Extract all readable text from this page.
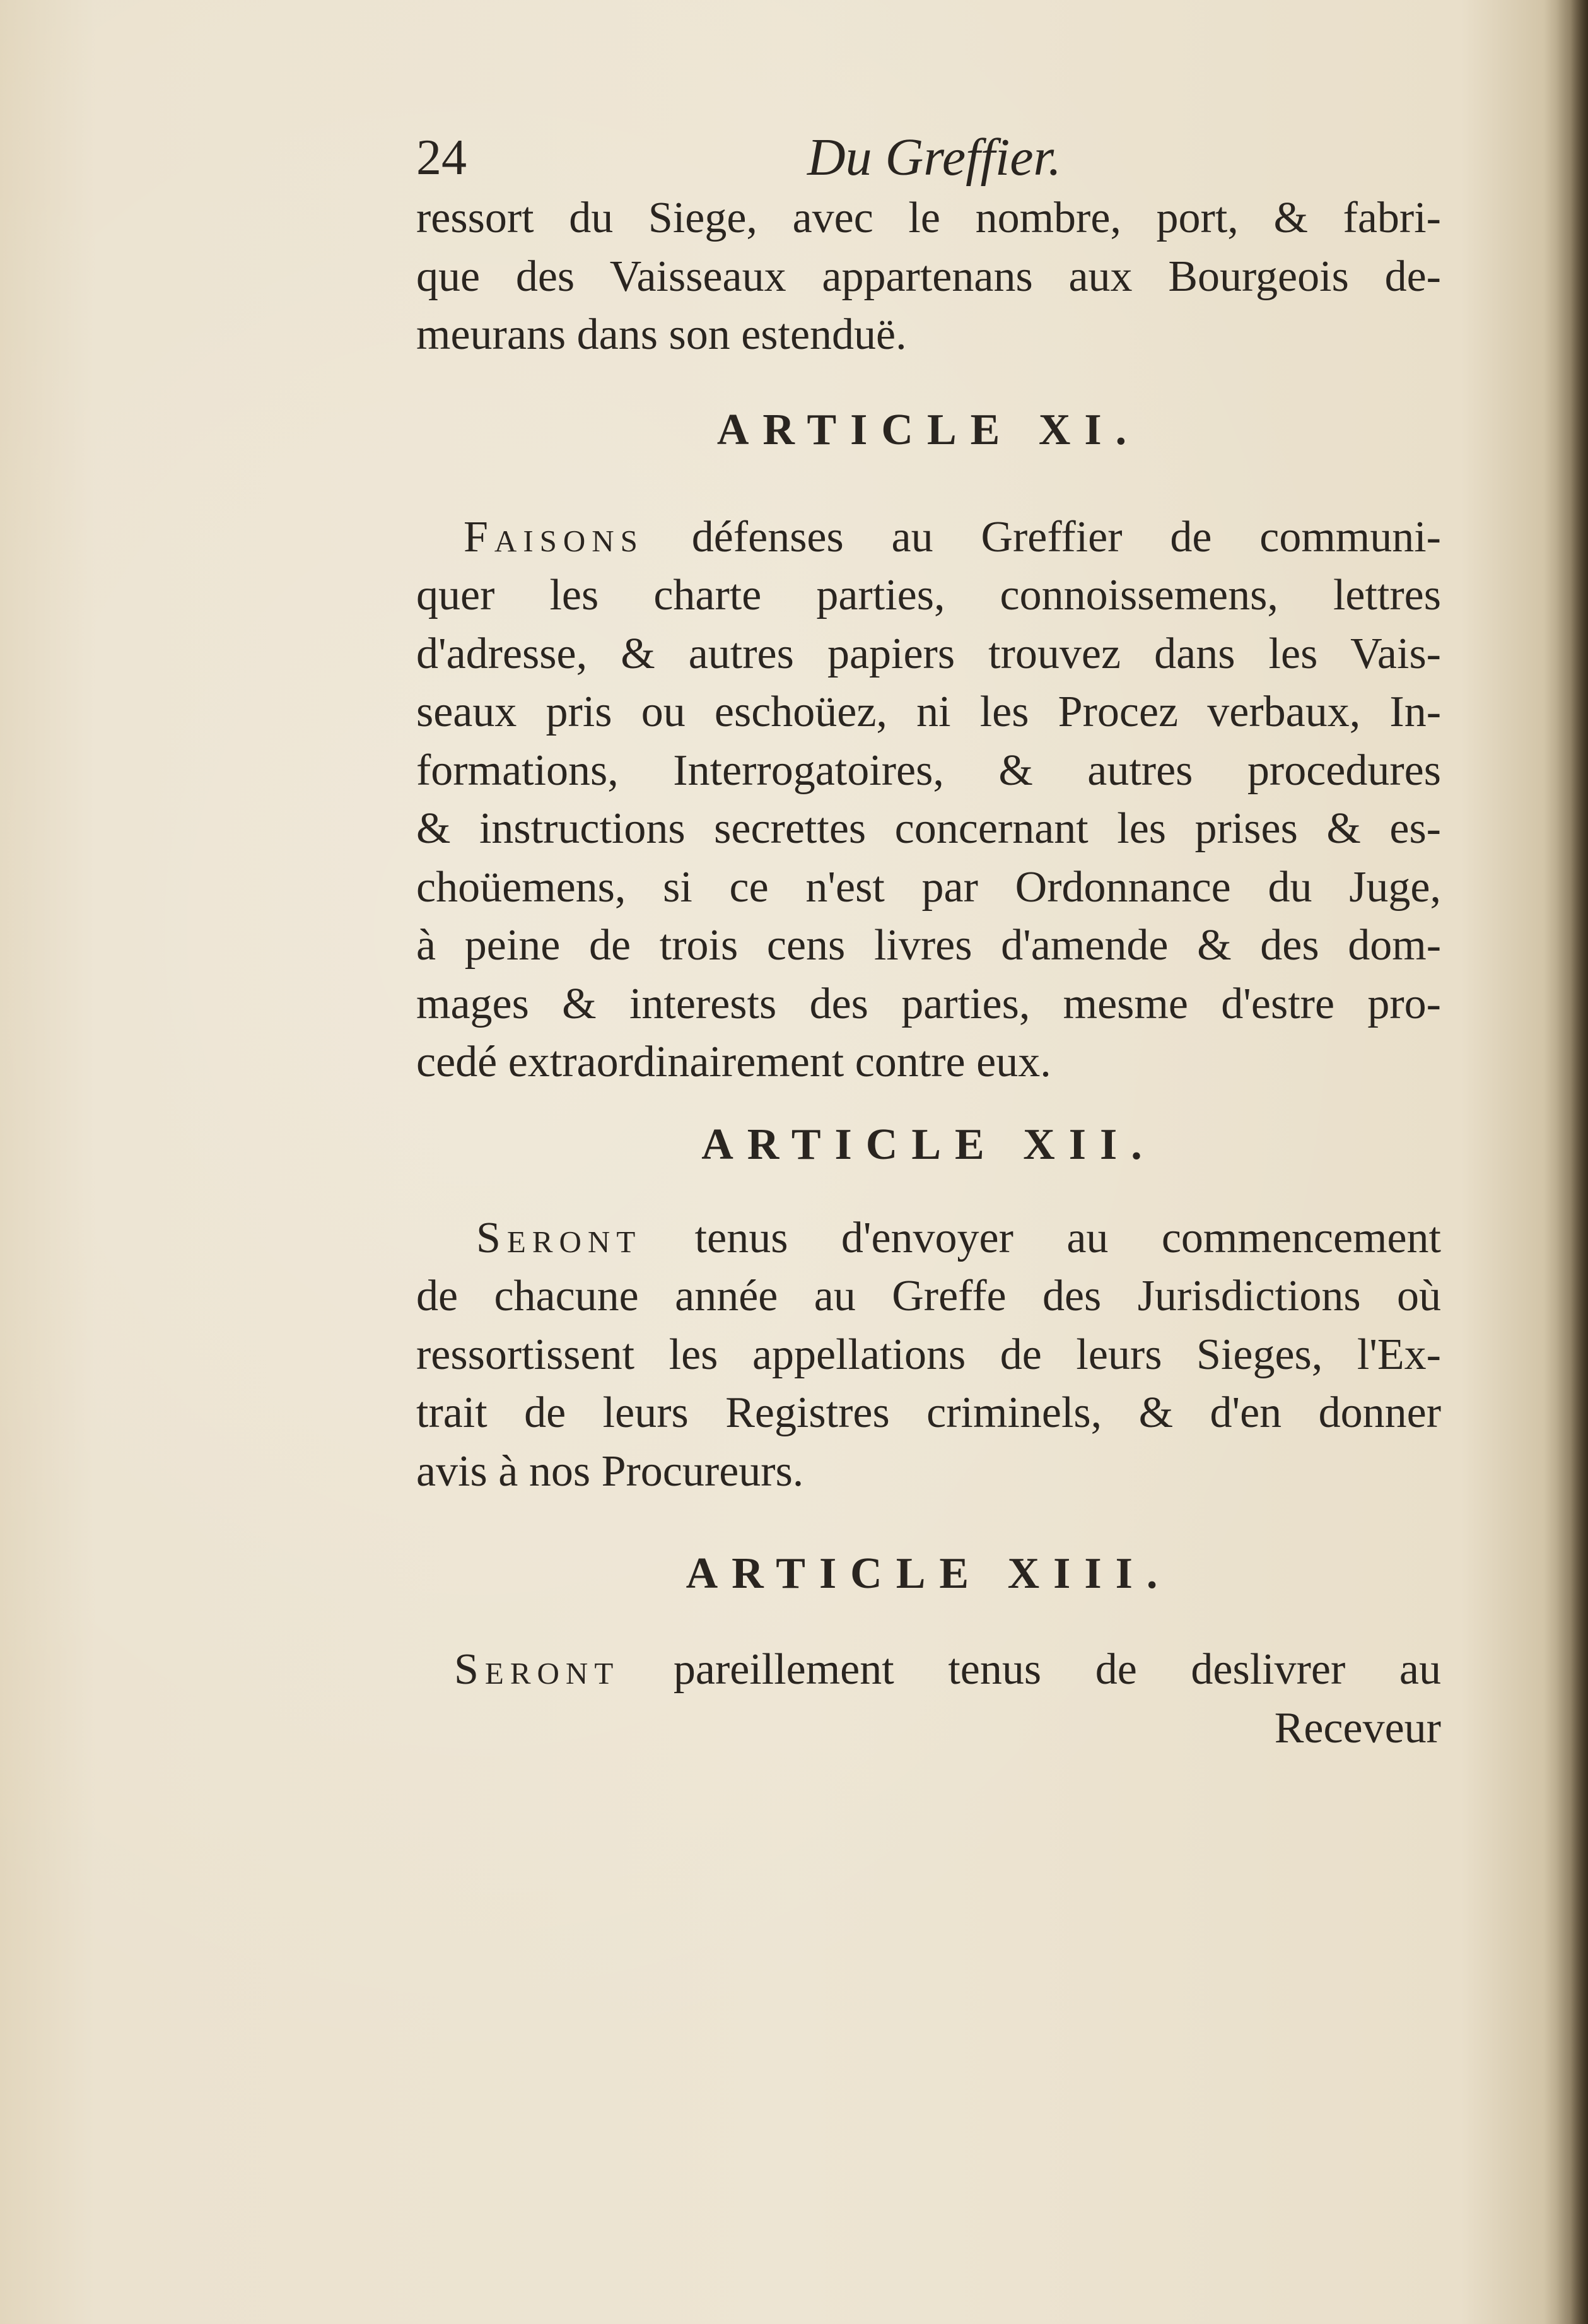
24	Du Greffier.
ressort du Siege, avec le nombre, port, & fabri-
que des Vaisseaux appartenans aux Bourgeois de-
meurans dans son estenduë.
ARTICLE XI.
Faisons défenses au Greffier de communi-
quer les charte parties, connoissemens, lettres
d'adresse, & autres papiers trouvez dans les Vais-
seaux pris ou eschoüez, ni les Procez verbaux, In-
formations, Interrogatoires, & autres procedures
& instructions secrettes concernant les prises & es-
choüemens, si ce n'est par Ordonnance du Juge,
à peine de trois cens livres d'amende & des dom-
mages & interests des parties, mesme d'estre pro-
cedé extraordinairement contre eux.
ARTICLE XII.
Seront tenus d'envoyer au commencement
de chacune année au Greffe des Jurisdictions où
ressortissent les appellations de leurs Sieges, l'Ex-
trait de leurs Registres criminels, & d'en donner
avis à nos Procureurs.
ARTICLE XIII.
Seront pareillement tenus de deslivrer au
Receveur
